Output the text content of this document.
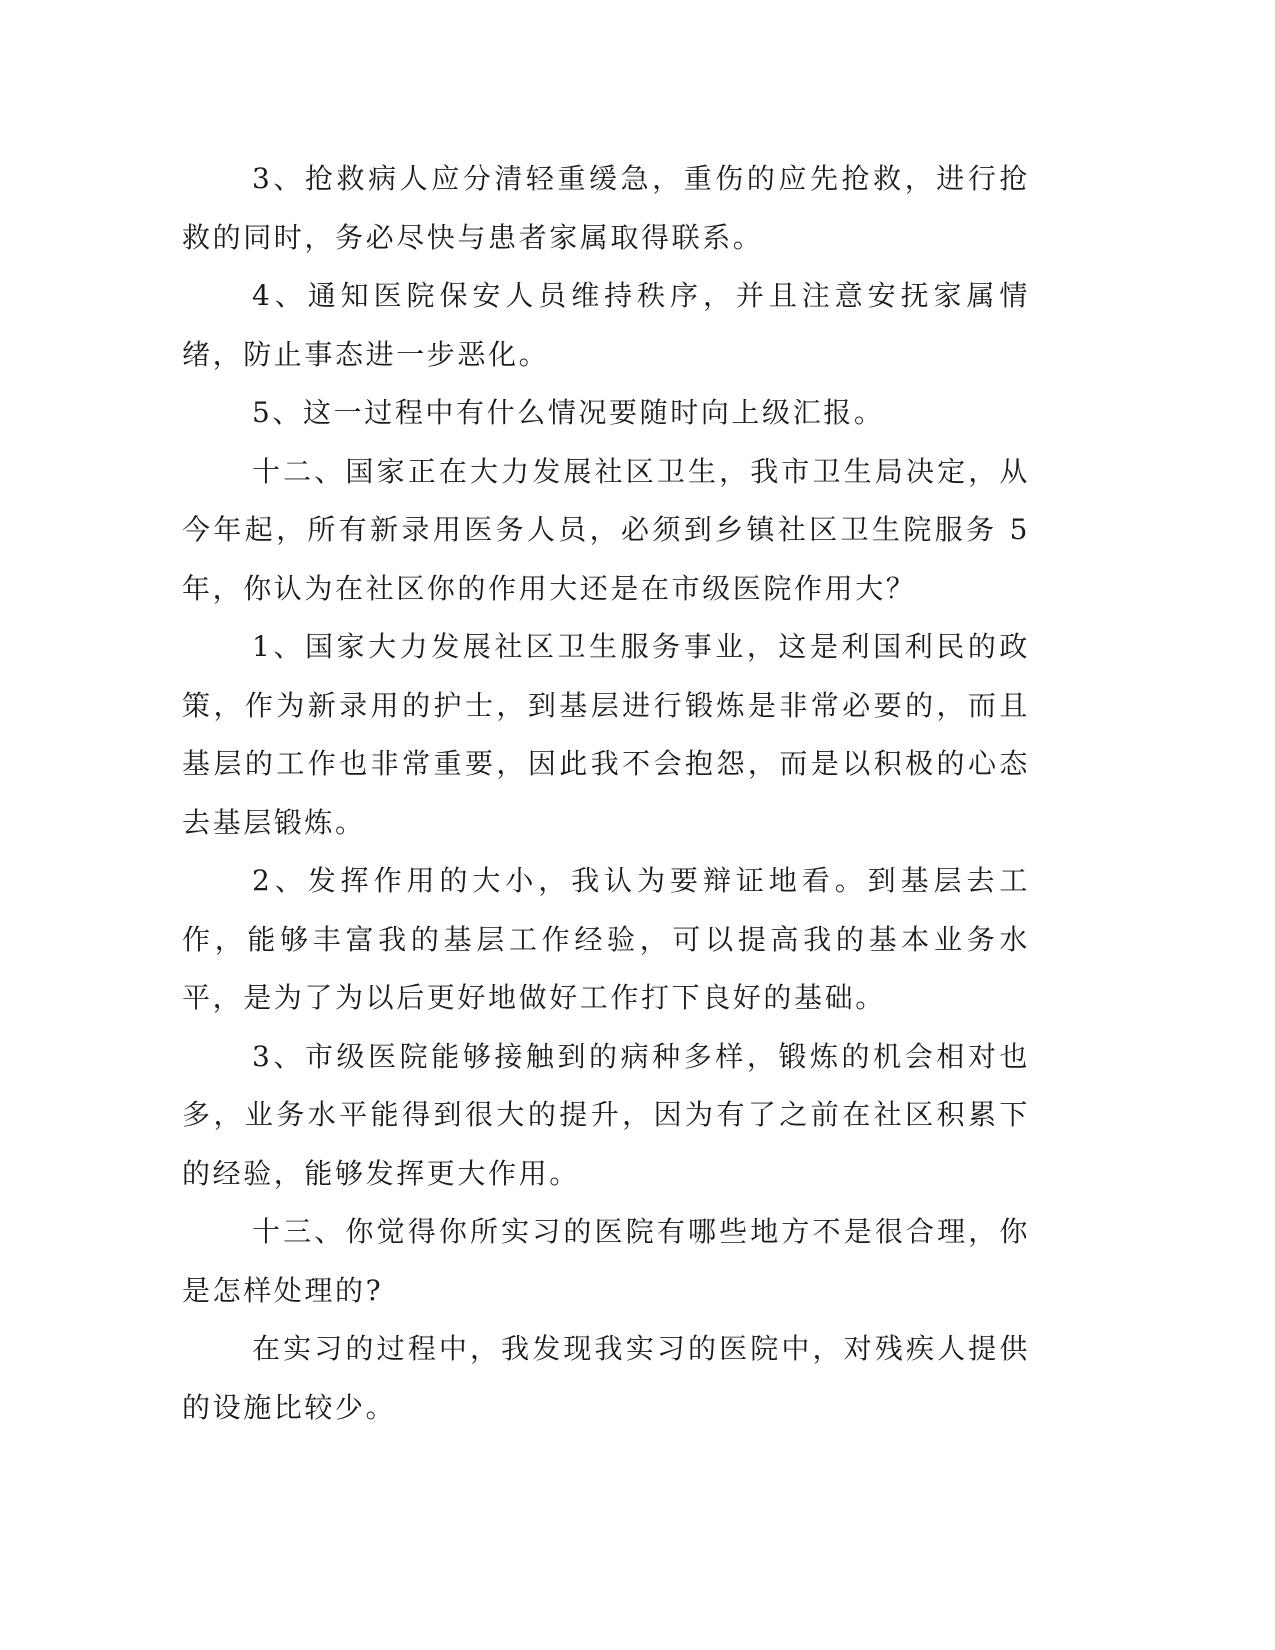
3、抢救病人应分清轻重缓急，重伤的应先抢救，进行抢救的同时，务必尽快与患者家属取得联系。

4、通知医院保安人员维持秩序，并且注意安抚家属情绪，防止事态进一步恶化。

5、这一过程中有什么情况要随时向上级汇报。

十二、国家正在大力发展社区卫生，我市卫生局决定，从今年起，所有新录用医务人员，必须到乡镇社区卫生院服务 5 年，你认为在社区你的作用大还是在市级医院作用大？

1、国家大力发展社区卫生服务事业，这是利国利民的政策，作为新录用的护士，到基层进行锻炼是非常必要的，而且基层的工作也非常重要，因此我不会抱怨，而是以积极的心态去基层锻炼。

2、发挥作用的大小，我认为要辩证地看。到基层去工作，能够丰富我的基层工作经验，可以提高我的基本业务水平，是为了为以后更好地做好工作打下良好的基础。

3、市级医院能够接触到的病种多样，锻炼的机会相对也多，业务水平能得到很大的提升，因为有了之前在社区积累下的经验，能够发挥更大作用。

十三、你觉得你所实习的医院有哪些地方不是很合理，你是怎样处理的?

在实习的过程中，我发现我实习的医院中，对残疾人提供的设施比较少。
